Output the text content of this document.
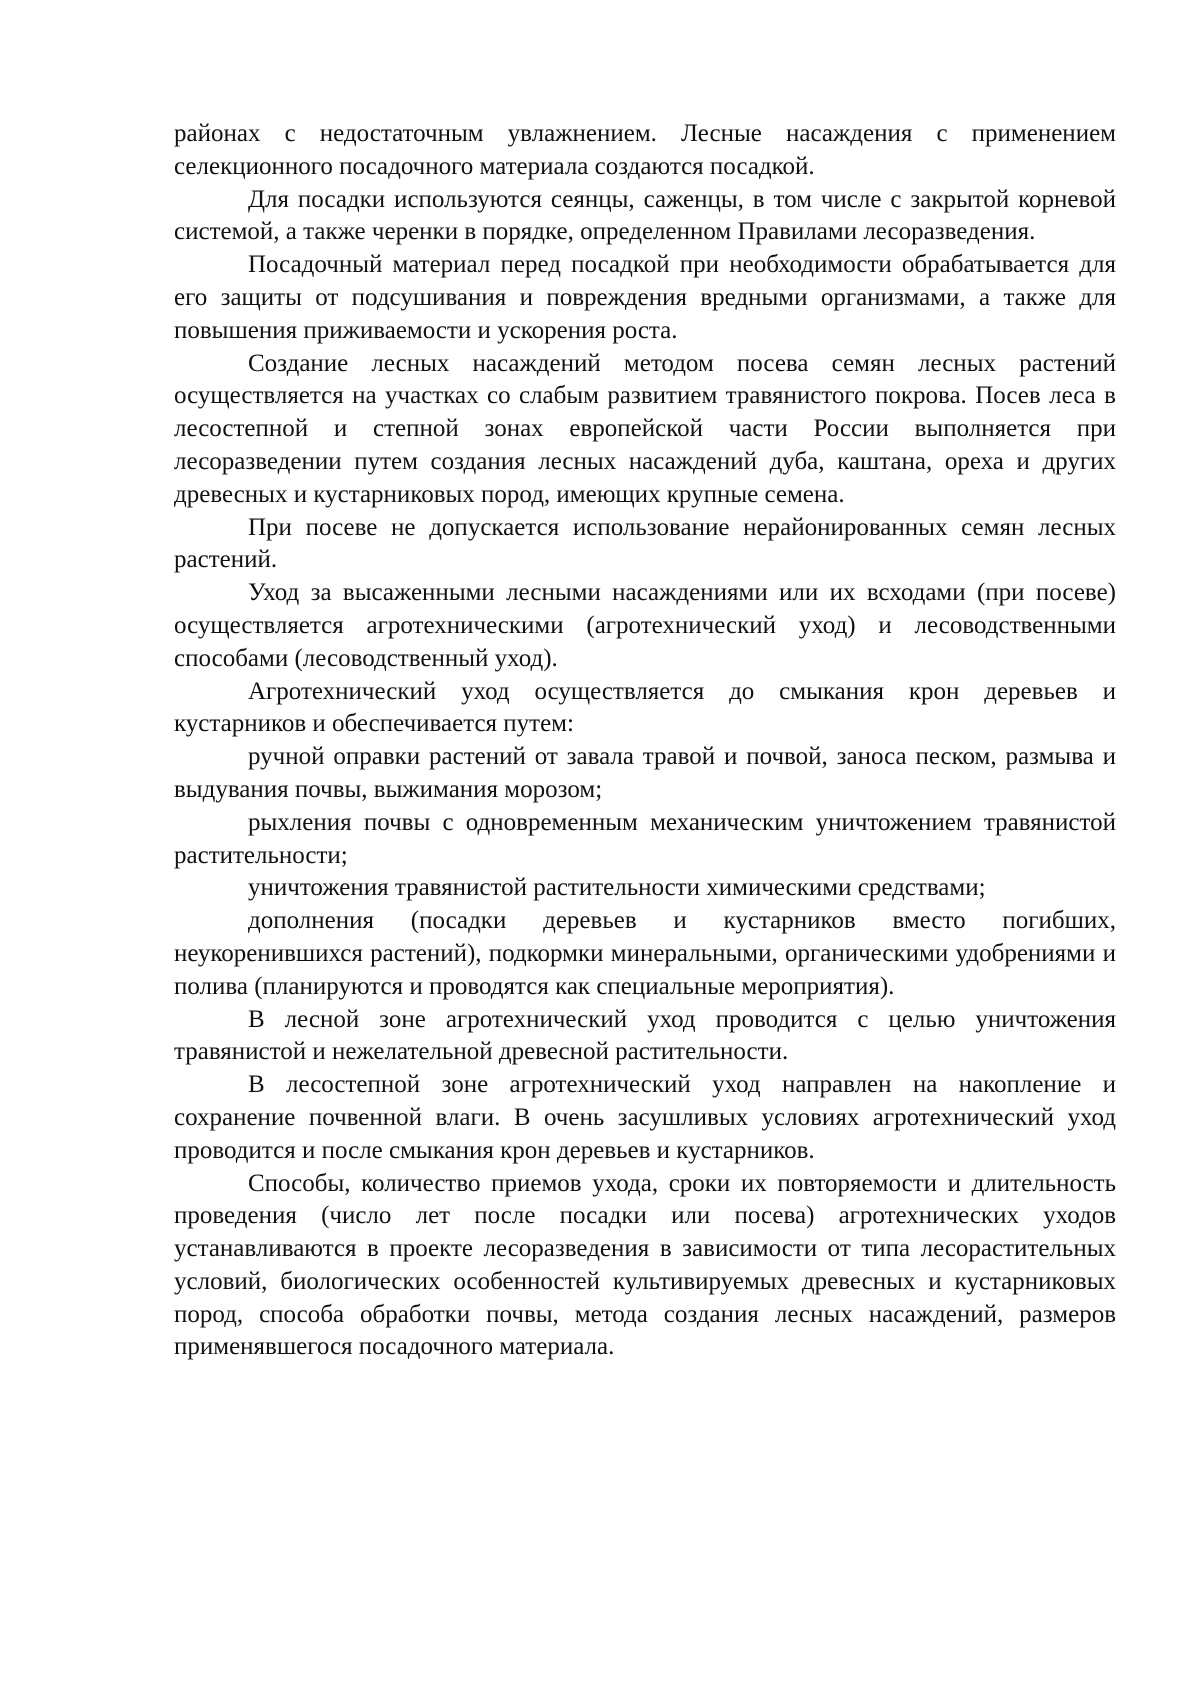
районах с недостаточным увлажнением. Лесные насаждения с применением селекционного посадочного материала создаются посадкой.

Для посадки используются сеянцы, саженцы, в том числе с закрытой корневой системой, а также черенки в порядке, определенном Правилами лесоразведения.

Посадочный материал перед посадкой при необходимости обрабатывается для его защиты от подсушивания и повреждения вредными организмами, а также для повышения приживаемости и ускорения роста.

Создание лесных насаждений методом посева семян лесных растений осуществляется на участках со слабым развитием травянистого покрова. Посев леса в лесостепной и степной зонах европейской части России выполняется при лесоразведении путем создания лесных насаждений дуба, каштана, ореха и других древесных и кустарниковых пород, имеющих крупные семена.

При посеве не допускается использование нерайонированных семян лесных растений.

Уход за высаженными лесными насаждениями или их всходами (при посеве) осуществляется агротехническими (агротехнический уход) и лесоводственными способами (лесоводственный уход).

Агротехнический уход осуществляется до смыкания крон деревьев и кустарников и обеспечивается путем:

ручной оправки растений от завала травой и почвой, заноса песком, размыва и выдувания почвы, выжимания морозом;

рыхления почвы с одновременным механическим уничтожением травянистой растительности;

уничтожения травянистой растительности химическими средствами;

дополнения (посадки деревьев и кустарников вместо погибших, неукоренившихся растений), подкормки минеральными, органическими удобрениями и полива (планируются и проводятся как специальные мероприятия).

В лесной зоне агротехнический уход проводится с целью уничтожения травянистой и нежелательной древесной растительности.

В лесостепной зоне агротехнический уход направлен на накопление и сохранение почвенной влаги. В очень засушливых условиях агротехнический уход проводится и после смыкания крон деревьев и кустарников.

Способы, количество приемов ухода, сроки их повторяемости и длительность проведения (число лет после посадки или посева) агротехнических уходов устанавливаются в проекте лесоразведения в зависимости от типа лесорастительных условий, биологических особенностей культивируемых древесных и кустарниковых пород, способа обработки почвы, метода создания лесных насаждений, размеров применявшегося посадочного материала.
